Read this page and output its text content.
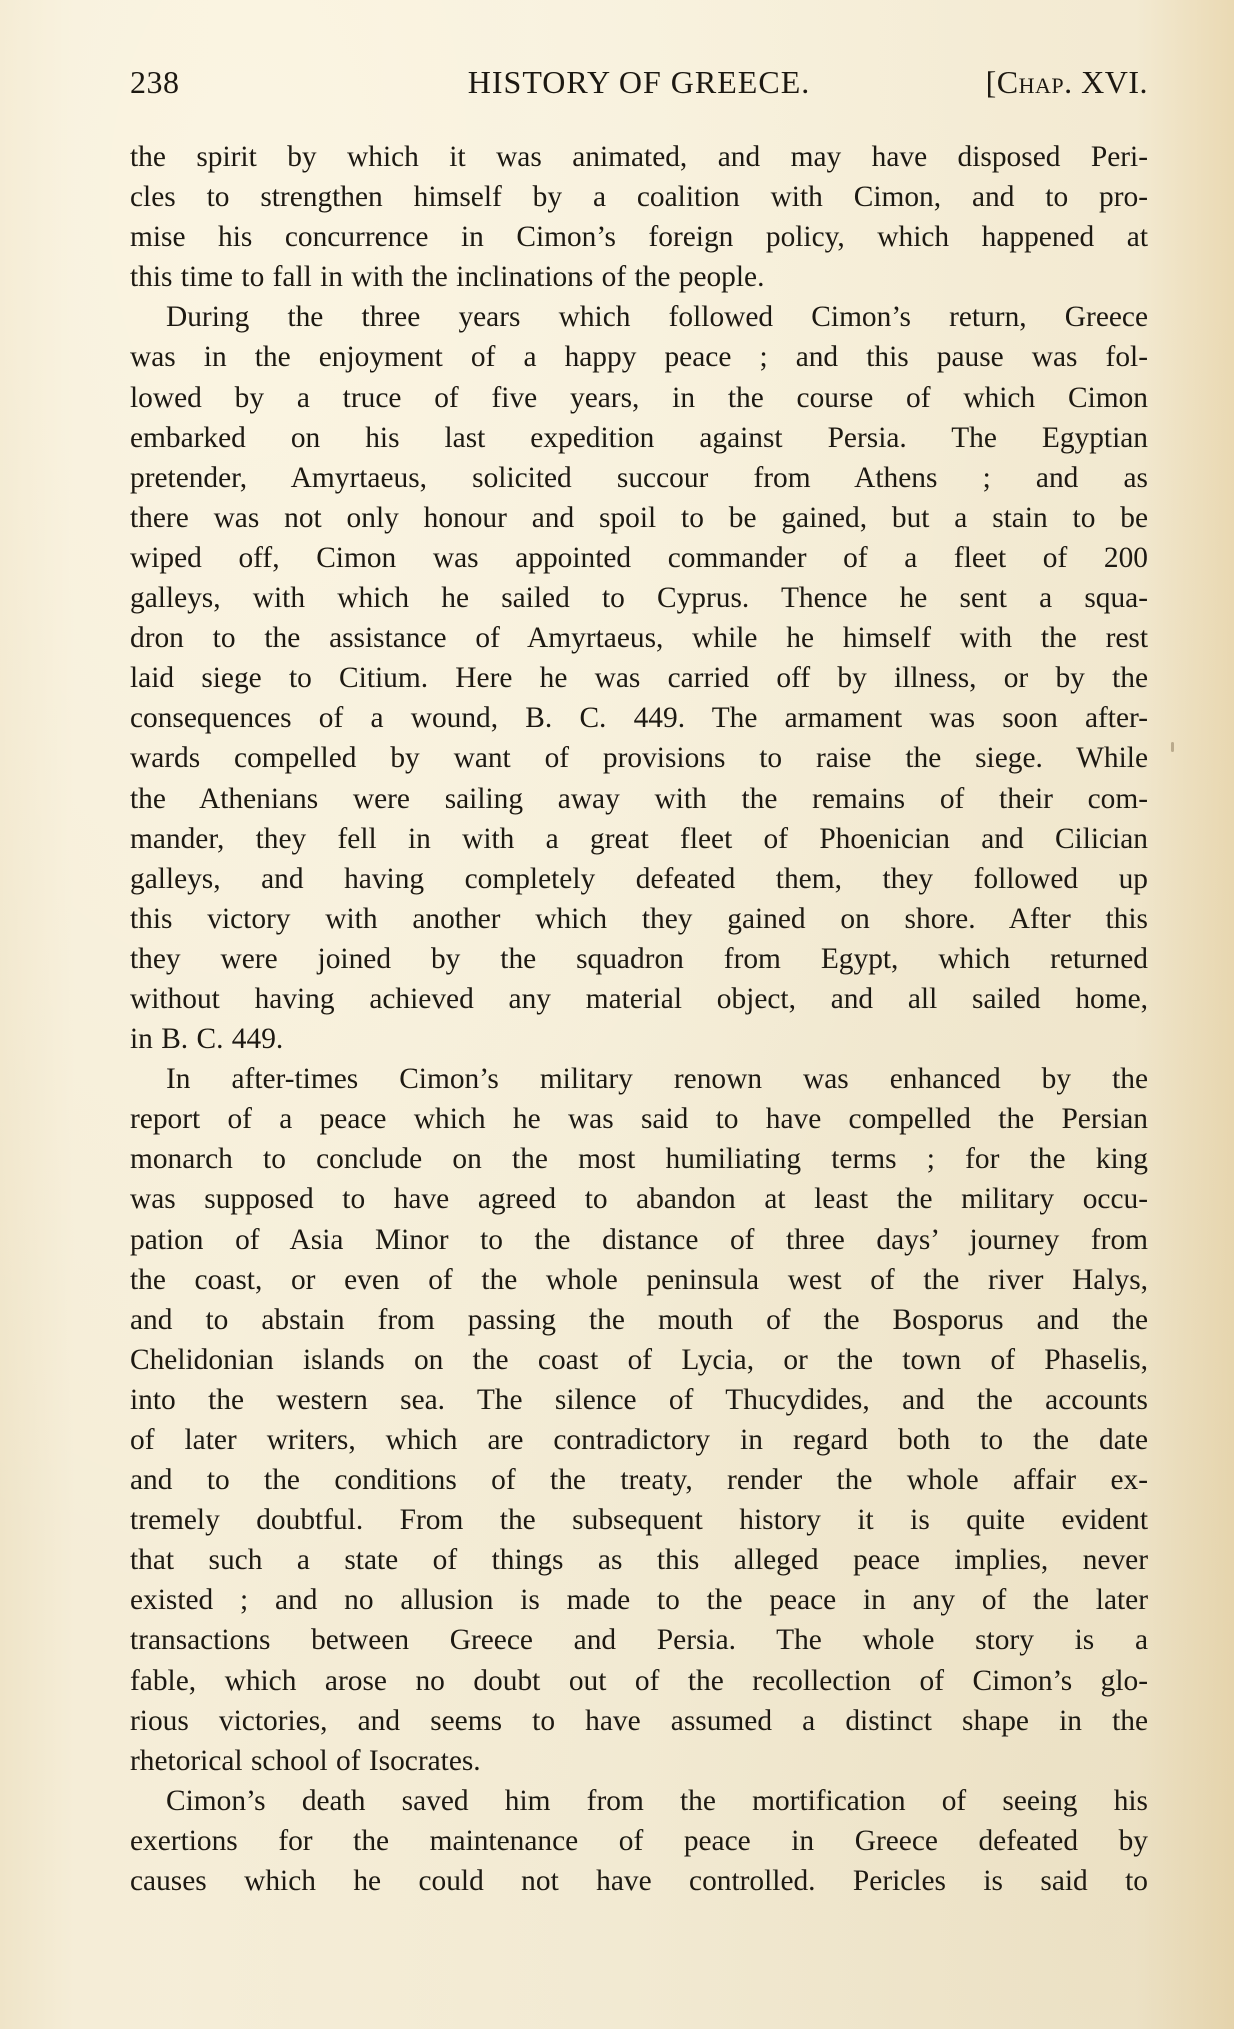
238	HISTORY OF GREECE.	[Chap. XVI.

the spirit by which it was animated, and may have disposed Peri-

cles to strengthen himself by a coalition with Cimon, and to pro-

mise his concurrence in Cimon’s foreign policy, which happened at

this time to fall in with the inclinations of the people.

During the three years which followed Cimon’s return, Greece

was in the enjoyment of a happy peace ; and this pause was fol-

lowed by a truce of five years, in the course of which Cimon

embarked on his last expedition against Persia. The Egyptian

pretender, Amyrtaeus, solicited succour from Athens ; and as

there was not only honour and spoil to be gained, but a stain to be

wiped off, Cimon was appointed commander of a fleet of 200

galleys, with which he sailed to Cyprus. Thence he sent a squa-

dron to the assistance of Amyrtaeus, while he himself with the rest

laid siege to Citium. Here he was carried off by illness, or by the

consequences of a wound, B. C. 449. The armament was soon after-

wards compelled by want of provisions to raise the siege. While

the Athenians were sailing away with the remains of their com-

mander, they fell in with a great fleet of Phoenician and Cilician

galleys, and having completely defeated them, they followed up

this victory with another which they gained on shore. After this

they were joined by the squadron from Egypt, which returned

without having achieved any material object, and all sailed home,

in B. C. 449.

In after-times Cimon’s military renown was enhanced by the

report of a peace which he was said to have compelled the Persian

monarch to conclude on the most humiliating terms ; for the king

was supposed to have agreed to abandon at least the military occu-

pation of Asia Minor to the distance of three days’ journey from

the coast, or even of the whole peninsula west of the river Halys,

and to abstain from passing the mouth of the Bosporus and the

Chelidonian islands on the coast of Lycia, or the town of Phaselis,

into the western sea. The silence of Thucydides, and the accounts

of later writers, which are contradictory in regard both to the date

and to the conditions of the treaty, render the whole affair ex-

tremely doubtful. From the subsequent history it is quite evident

that such a state of things as this alleged peace implies, never

existed ; and no allusion is made to the peace in any of the later

transactions between Greece and Persia. The whole story is a

fable, which arose no doubt out of the recollection of Cimon’s glo-

rious victories, and seems to have assumed a distinct shape in the

rhetorical school of Isocrates.

Cimon’s death saved him from the mortification of seeing his

exertions for the maintenance of peace in Greece defeated by

causes which he could not have controlled. Pericles is said to
